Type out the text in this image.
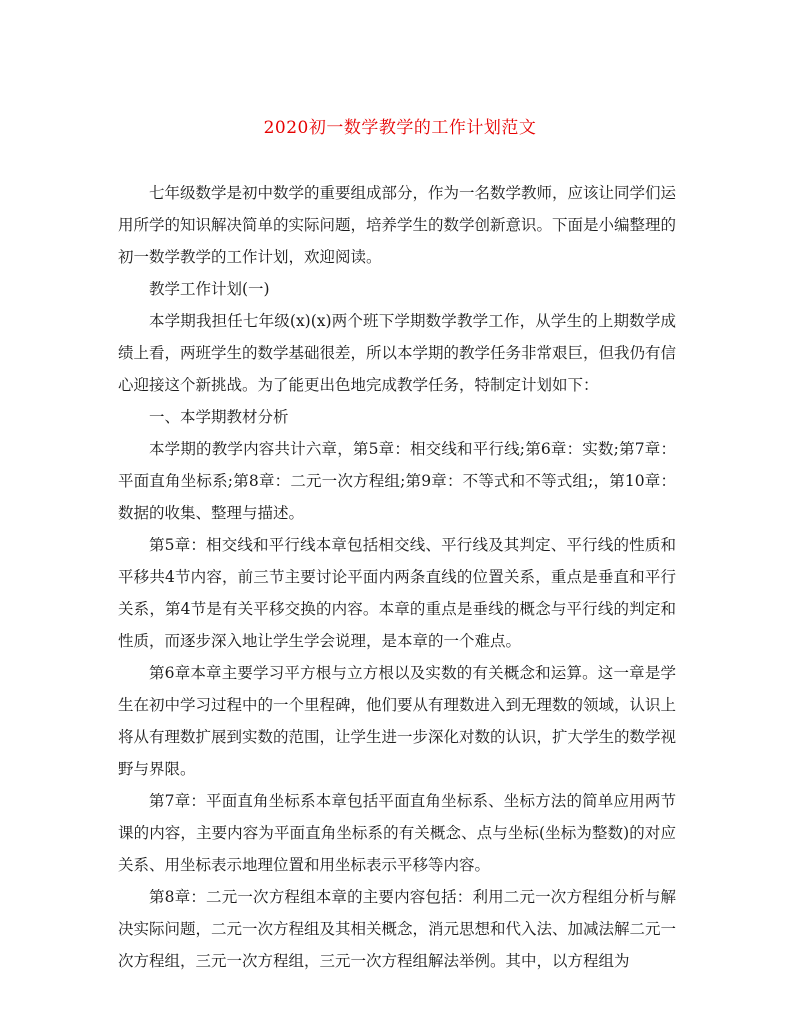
2020初一数学教学的工作计划范文

七年级数学是初中数学的重要组成部分，作为一名数学教师，应该让同学们运用所学的知识解决简单的实际问题，培养学生的数学创新意识。下面是小编整理的初一数学教学的工作计划，欢迎阅读。

教学工作计划(一)

本学期我担任七年级(x)(x)两个班下学期数学教学工作，从学生的上期数学成绩上看，两班学生的数学基础很差，所以本学期的教学任务非常艰巨，但我仍有信心迎接这个新挑战。为了能更出色地完成教学任务，特制定计划如下：

一、本学期教材分析

本学期的教学内容共计六章，第5章：相交线和平行线;第6章：实数;第7章：平面直角坐标系;第8章：二元一次方程组;第9章：不等式和不等式组;，第10章：数据的收集、整理与描述。

第5章：相交线和平行线本章包括相交线、平行线及其判定、平行线的性质和平移共4节内容，前三节主要讨论平面内两条直线的位置关系，重点是垂直和平行关系，第4节是有关平移交换的内容。本章的重点是垂线的概念与平行线的判定和性质，而逐步深入地让学生学会说理，是本章的一个难点。

第6章本章主要学习平方根与立方根以及实数的有关概念和运算。这一章是学生在初中学习过程中的一个里程碑，他们要从有理数进入到无理数的领域，认识上将从有理数扩展到实数的范围，让学生进一步深化对数的认识，扩大学生的数学视野与界限。

第7章：平面直角坐标系本章包括平面直角坐标系、坐标方法的简单应用两节课的内容，主要内容为平面直角坐标系的有关概念、点与坐标(坐标为整数)的对应关系、用坐标表示地理位置和用坐标表示平移等内容。

第8章：二元一次方程组本章的主要内容包括：利用二元一次方程组分析与解决实际问题，二元一次方程组及其相关概念，消元思想和代入法、加减法解二元一次方程组，三元一次方程组，三元一次方程组解法举例。其中，以方程组为
